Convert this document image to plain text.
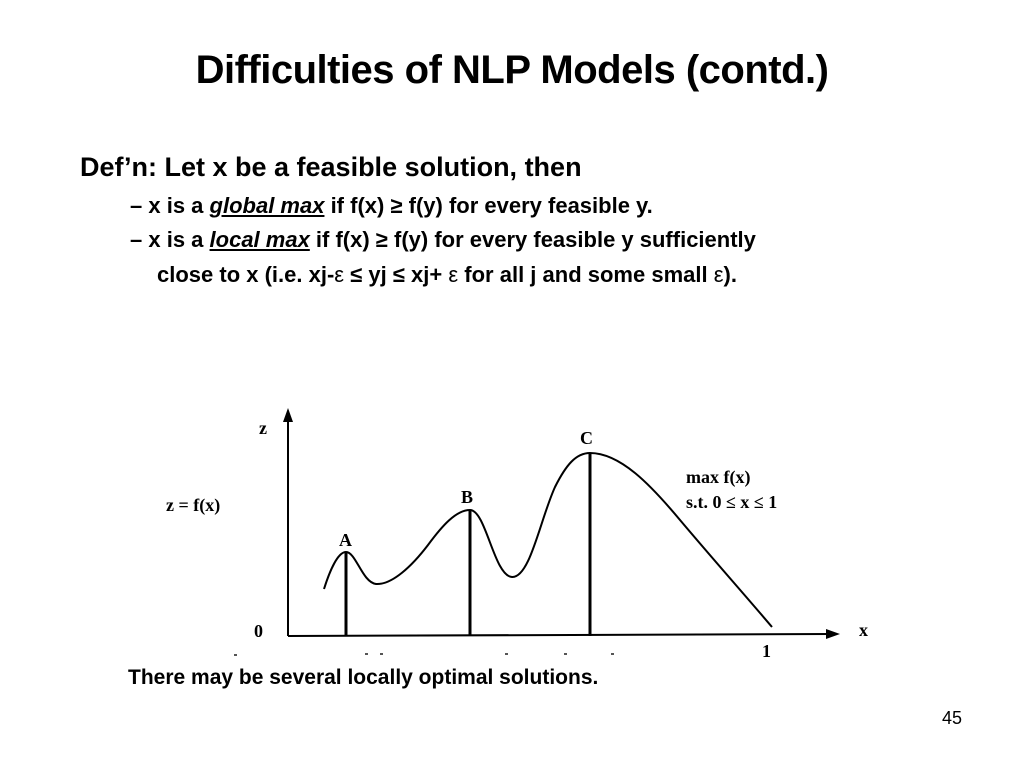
Difficulties of NLP Models (contd.)
Def’n: Let x be a feasible solution, then
– x is a global max if f(x) ≥ f(y) for every feasible y.
– x is a local max if f(x) ≥ f(y) for every feasible y sufficiently
close to x (i.e. xj-ε ≤ yj ≤ xj+ ε for all j and some small ε).
z
x
z = f(x)
0
1
A
B
C
max f(x)
s.t. 0 ≤ x ≤ 1
There may be several locally optimal solutions.
45
